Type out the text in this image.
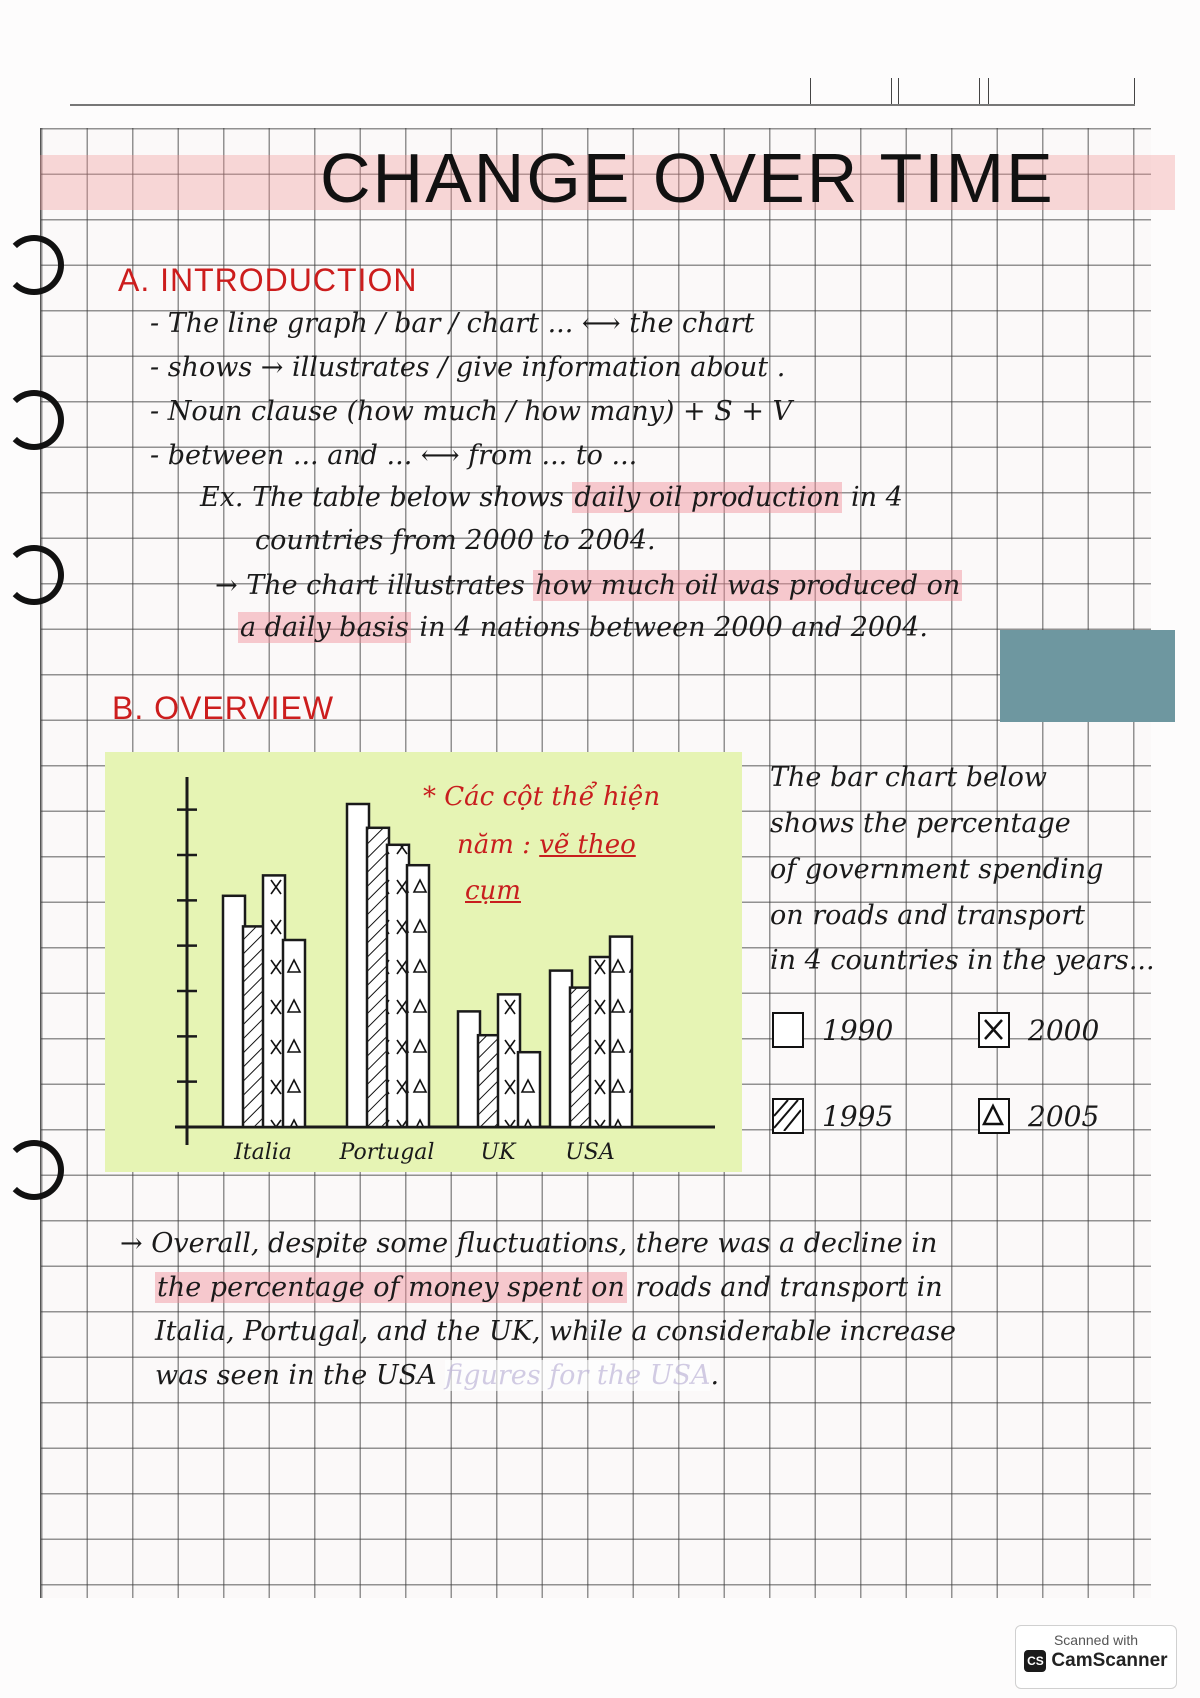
CHANGE OVER TIME
A. INTRODUCTION
- The line graph / bar / chart ... ⟷ the chart
- shows → illustrates / give information about .
- Noun clause (how much / how many) + S + V
- between ... and ... ⟷ from ... to ...
Ex. The table below shows daily oil production in 4
countries from 2000 to 2004.
→ The chart illustrates how much oil was produced on
a daily basis in 4 nations between 2000 and 2004.
B. OVERVIEW
Italia Portugal UK USA
* Các cột thể hiện
năm : vẽ theo
cụm
The bar chart below
shows the percentage
of government spending
on roads and transport
in 4 countries in the years...
1990	2000
1995	2005
→ Overall, despite some fluctuations, there was a decline in
the percentage of money spent on roads and transport in
Italia, Portugal, and the UK, while a considerable increase
was seen in the USA figures for the USA.
Scanned with
CS CamScanner
